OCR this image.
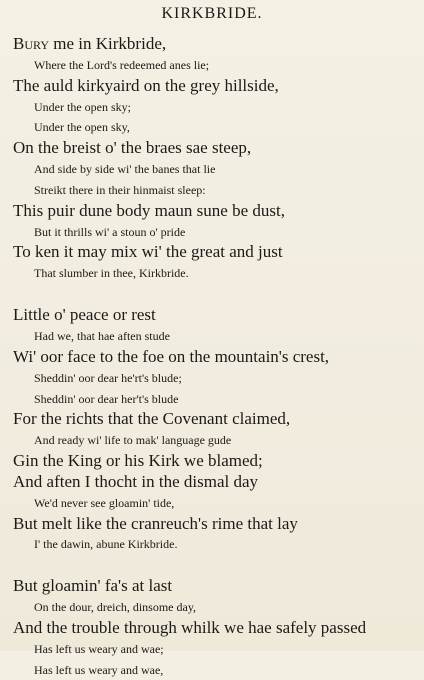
KIRKBRIDE.
Bury me in Kirkbride,
Where the Lord's redeemed anes lie;
The auld kirkyaird on the grey hillside,
Under the open sky;
Under the open sky,
On the breist o' the braes sae steep,
And side by side wi' the banes that lie
Streikt there in their hinmaist sleep:
This puir dune body maun sune be dust,
But it thrills wi' a stoun o' pride
To ken it may mix wi' the great and just
That slumber in thee, Kirkbride.
Little o' peace or rest
Had we, that hae aften stude
Wi' oor face to the foe on the mountain's crest,
Sheddin' oor dear he'rt's blude;
Sheddin' oor dear her't's blude
For the richts that the Covenant claimed,
And ready wi' life to mak' language gude
Gin the King or his Kirk we blamed;
And aften I thocht in the dismal day
We'd never see gloamin' tide,
But melt like the cranreuch's rime that lay
I' the dawin, abune Kirkbride.
But gloamin' fa's at last
On the dour, dreich, dinsome day,
And the trouble through whilk we hae safely passed
Has left us weary and wae;
Has left us weary and wae,
